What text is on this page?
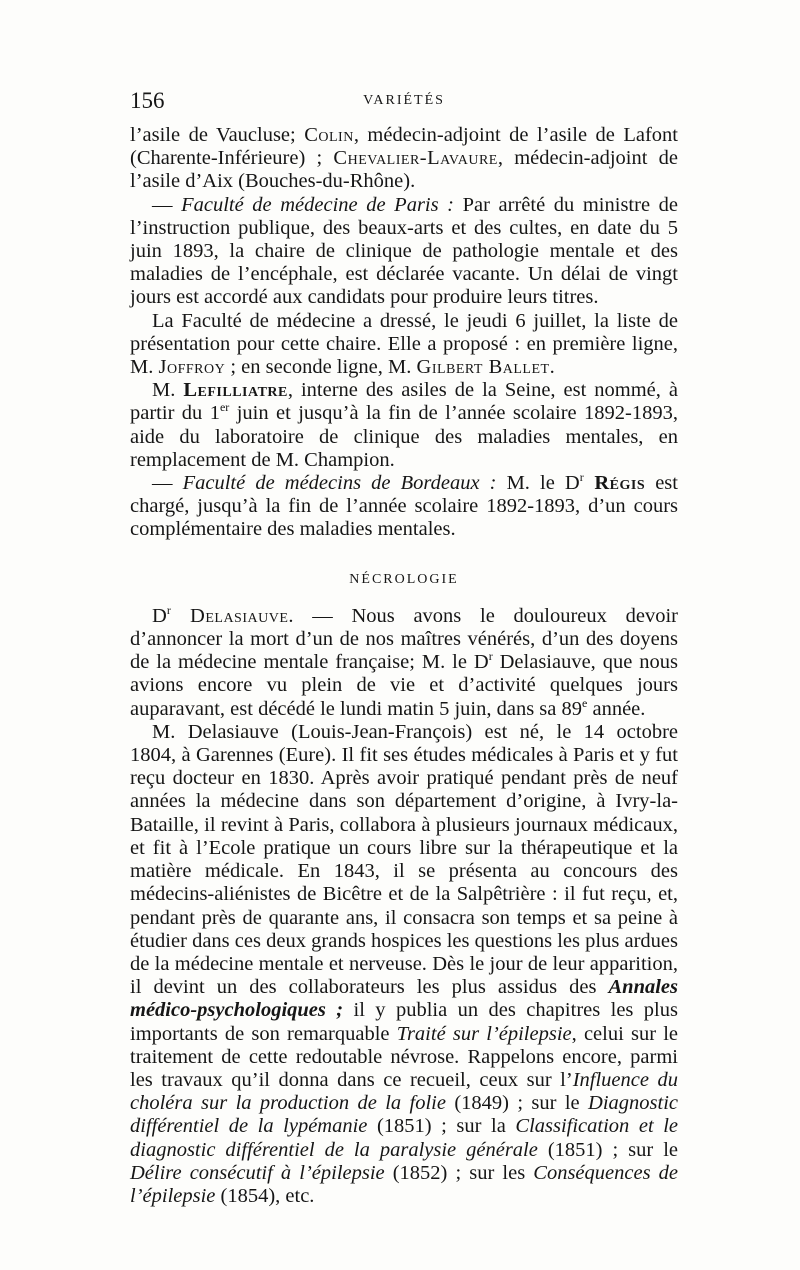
156	VARIÉTÉS

l’asile de Vaucluse; Colin, médecin-adjoint de l’asile de Lafont (Charente-Inférieure) ; Chevalier-Lavaure, médecin-adjoint de l’asile d’Aix (Bouches-du-Rhône).

— Faculté de médecine de Paris : Par arrêté du ministre de l’instruction publique, des beaux-arts et des cultes, en date du 5 juin 1893, la chaire de clinique de pathologie mentale et des maladies de l’encéphale, est déclarée vacante. Un délai de vingt jours est accordé aux candidats pour produire leurs titres.

La Faculté de médecine a dressé, le jeudi 6 juillet, la liste de présentation pour cette chaire. Elle a proposé : en première ligne, M. Joffroy ; en seconde ligne, M. Gilbert Ballet.

M. Lefilliatre, interne des asiles de la Seine, est nommé, à partir du 1er juin et jusqu’à la fin de l’année scolaire 1892-1893, aide du laboratoire de clinique des maladies mentales, en remplacement de M. Champion.

— Faculté de médecins de Bordeaux : M. le $D^r$ Régis est chargé, jusqu’à la fin de l’année scolaire 1892-1893, d’un cours complémentaire des maladies mentales.

NÉCROLOGIE

$D^r$ Delasiauve. — Nous avons le douloureux devoir d’annoncer la mort d’un de nos maîtres vénérés, d’un des doyens de la médecine mentale française; M. le $D^r$ Delasiauve, que nous avions encore vu plein de vie et d’activité quelques jours auparavant, est décédé le lundi matin 5 juin, dans sa 89e année.

M. Delasiauve (Louis-Jean-François) est né, le 14 octobre 1804, à Garennes (Eure). Il fit ses études médicales à Paris et y fut reçu docteur en 1830. Après avoir pratiqué pendant près de neuf années la médecine dans son département d’origine, à Ivry-la-Bataille, il revint à Paris, collabora à plusieurs journaux médicaux, et fit à l’Ecole pratique un cours libre sur la thérapeutique et la matière médicale. En 1843, il se présenta au concours des médecins-aliénistes de Bicêtre et de la Salpêtrière : il fut reçu, et, pendant près de quarante ans, il consacra son temps et sa peine à étudier dans ces deux grands hospices les questions les plus ardues de la médecine mentale et nerveuse. Dès le jour de leur apparition, il devint un des collaborateurs les plus assidus des Annales médico-psychologiques ; il y publia un des chapitres les plus importants de son remarquable Traité sur l’épilepsie, celui sur le traitement de cette redoutable névrose. Rappelons encore, parmi les travaux qu’il donna dans ce recueil, ceux sur l’Influence du choléra sur la production de la folie (1849) ; sur le Diagnostic différentiel de la lypémanie (1851) ; sur la Classification et le diagnostic différentiel de la paralysie générale (1851) ; sur le Délire consécutif à l’épilepsie (1852) ; sur les Conséquences de l’épilepsie (1854), etc.
